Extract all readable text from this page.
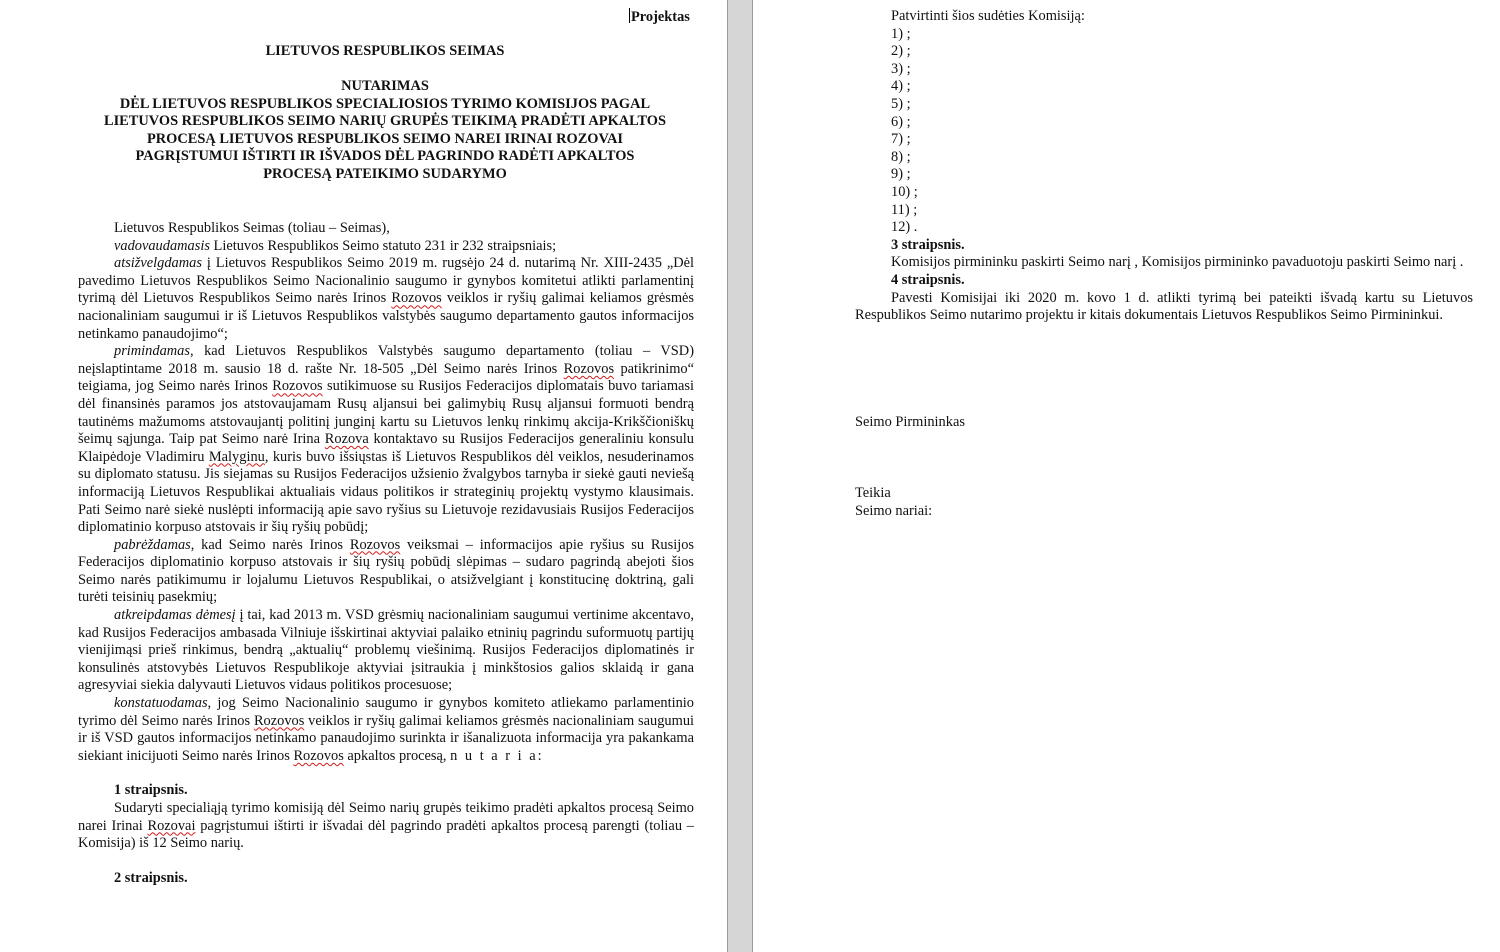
Projektas
LIETUVOS RESPUBLIKOS SEIMAS
NUTARIMAS
DĖL LIETUVOS RESPUBLIKOS SPECIALIOSIOS TYRIMO KOMISIJOS PAGAL
LIETUVOS RESPUBLIKOS SEIMO NARIŲ GRUPĖS TEIKIMĄ PRADĖTI APKALTOS
PROCESĄ LIETUVOS RESPUBLIKOS SEIMO NAREI IRINAI ROZOVAI
PAGRĮSTUMUI IŠTIRTI IR IŠVADOS DĖL PAGRINDO RADĖTI APKALTOS
PROCESĄ PATEIKIMO SUDARYMO

Lietuvos Respublikos Seimas (toliau – Seimas),

vadovaudamasis Lietuvos Respublikos Seimo statuto 231 ir 232 straipsniais;

atsižvelgdamas į Lietuvos Respublikos Seimo 2019 m. rugsėjo 24 d. nutarimą Nr. XIII-2435 „Dėl pavedimo Lietuvos Respublikos Seimo Nacionalinio saugumo ir gynybos komitetui atlikti parlamentinį tyrimą dėl Lietuvos Respublikos Seimo narės Irinos Rozovos veiklos ir ryšių galimai keliamos grėsmės nacionaliniam saugumui ir iš Lietuvos Respublikos valstybės saugumo departamento gautos informacijos netinkamo panaudojimo“;

primindamas, kad Lietuvos Respublikos Valstybės saugumo departamento (toliau – VSD) neįslaptintame 2018 m. sausio 18 d. rašte Nr. 18-505 „Dėl Seimo narės Irinos Rozovos patikrinimo“ teigiama, jog Seimo narės Irinos Rozovos sutikimuose su Rusijos Federacijos diplomatais buvo tariamasi dėl finansinės paramos jos atstovaujamam Rusų aljansui bei galimybių Rusų aljansui formuoti bendrą tautinėms mažumoms atstovaujantį politinį junginį kartu su Lietuvos lenkų rinkimų akcija-Krikščioniškų šeimų sąjunga. Taip pat Seimo narė Irina Rozova kontaktavo su Rusijos Federacijos generaliniu konsulu Klaipėdoje Vladimiru Malyginu, kuris buvo išsiųstas iš Lietuvos Respublikos dėl veiklos, nesuderinamos su diplomato statusu. Jis siejamas su Rusijos Federacijos užsienio žvalgybos tarnyba ir siekė gauti neviešą informaciją Lietuvos Respublikai aktualiais vidaus politikos ir strateginių projektų vystymo klausimais. Pati Seimo narė siekė nuslėpti informaciją apie savo ryšius su Lietuvoje rezidavusiais Rusijos Federacijos diplomatinio korpuso atstovais ir šių ryšių pobūdį;

pabrėždamas, kad Seimo narės Irinos Rozovos veiksmai – informacijos apie ryšius su Rusijos Federacijos diplomatinio korpuso atstovais ir šių ryšių pobūdį slėpimas – sudaro pagrindą abejoti šios Seimo narės patikimumu ir lojalumu Lietuvos Respublikai, o atsižvelgiant į konstitucinę doktriną, gali turėti teisinių pasekmių;

atkreipdamas dėmesį į tai, kad 2013 m. VSD grėsmių nacionaliniam saugumui vertinime akcentavo, kad Rusijos Federacijos ambasada Vilniuje išskirtinai aktyviai palaiko etninių pagrindu suformuotų partijų vienijimąsi prieš rinkimus, bendrą „aktualių“ problemų viešinimą. Rusijos Federacijos diplomatinės ir konsulinės atstovybės Lietuvos Respublikoje aktyviai įsitraukia į minkštosios galios sklaidą ir gana agresyviai siekia dalyvauti Lietuvos vidaus politikos procesuose;

konstatuodamas, jog Seimo Nacionalinio saugumo ir gynybos komiteto atliekamo parlamentinio tyrimo dėl Seimo narės Irinos Rozovos veiklos ir ryšių galimai keliamos grėsmės nacionaliniam saugumui ir iš VSD gautos informacijos netinkamo panaudojimo surinkta ir išanalizuota informacija yra pakankama siekiant inicijuoti Seimo narės Irinos Rozovos apkaltos procesą, n u t a r i a:

1 straipsnis.

Sudaryti specialiąją tyrimo komisiją dėl Seimo narių grupės teikimo pradėti apkaltos procesą Seimo narei Irinai Rozovai pagrįstumui ištirti ir išvadai dėl pagrindo pradėti apkaltos procesą parengti (toliau – Komisija) iš 12 Seimo narių.

2 straipsnis.

Patvirtinti šios sudėties Komisiją:

1) ;

2) ;

3) ;

4) ;

5) ;

6) ;

7) ;

8) ;

9) ;

10) ;

11) ;

12) .

3 straipsnis.

Komisijos pirmininku paskirti Seimo narį , Komisijos pirmininko pavaduotoju paskirti Seimo narį .

4 straipsnis.

Pavesti Komisijai iki 2020 m. kovo 1 d. atlikti tyrimą bei pateikti išvadą kartu su Lietuvos Respublikos Seimo nutarimo projektu ir kitais dokumentais Lietuvos Respublikos Seimo Pirmininkui.

Seimo Pirmininkas
Teikia
Seimo nariai:
